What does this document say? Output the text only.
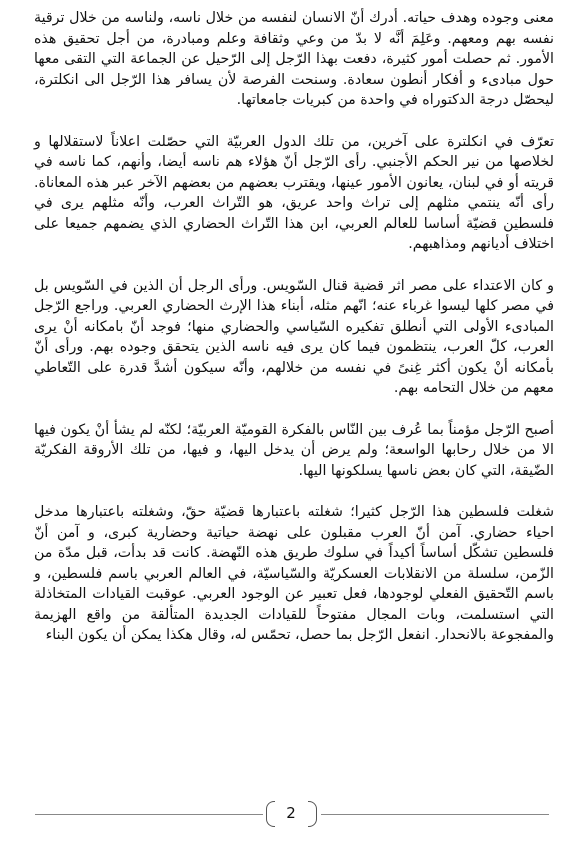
معنى وجوده وهدف حياته. أدرك أنّ الانسان لنفسه من خلال ناسه، ولناسه من خلال ترقية نفسه بهم ومعهم. وعَلِمَ أنَّه لا بدّ من وعي وثقافة وعلم ومبادرة، من أجل تحقيق هذه الأمور. ثم حصلت أمور كثيرة، دفعت بهذا الرّجل إلى الرّحيل عن الجماعة التي التقى معها حول مبادىء و أفكار أنطون سعادة. وسنحت الفرصة لأن يسافر هذا الرّجل الى انكلترة، ليحصّل درجة الدكتوراه في واحدة من كبريات جامعاتها.

تعرّف في انكلترة على آخرين، من تلك الدول العربيّة التي حصّلت اعلاناً لاستقلالها و لخلاصها من نير الحكم الأجنبي. رأى الرّجل أنّ هؤلاء هم ناسه أيضا، وأنهم، كما ناسه في قريته أو في لبنان، يعانون الأمور عينها، ويقترب بعضهم من بعضهم الآخر عبر هذه المعاناة. رأى أنّه ينتمي مثلهم إلى تراث واحد عريق، هو التّراث العرب، وأنّه مثلهم يرى في فلسطين قضيّة أساسا للعالم العربي، ابن هذا التّراث الحضاري الذي يضمهم جميعا على اختلاف أديانهم ومذاهبهم.

و كان الاعتداء على مصر اثر قضية قنال السّويس. ورأى الرجل أن الذين في السّويس بل في مصر كلها ليسوا غرباء عنه؛ انّهم مثله، أبناء هذا الإرث الحضاري العربي. وراجع الرّجل المبادىء الأولى التي أنطلق تفكيره السّياسي والحضاري منها؛ فوجد أنّ بامكانه أنْ يرى العرب، كلّ العرب، ينتظمون فيما كان يرى فيه ناسه الذين يتحقق وجوده بهم. ورأى أنّ بأمكانه أنْ يكون أكثر غِنىً في نفسه من خلالهم، وأنّه سيكون أشدَّ قدرة على التّعاطي معهم من خلال التحامه بهم.

أصبح الرّجل مؤمناً بما عُرف بين النّاس بالفكرة القوميّة العربيّة؛ لكنّه لم يشأ أنْ يكون فيها الا من خلال رحابها الواسعة؛ ولم يرض أن يدخل اليها، و فيها، من تلك الأروقة الفكريّة الضّيقة، التي كان بعض ناسها يسلكونها اليها.

شغلت فلسطين هذا الرّجل كثيرا؛ شغلته باعتبارها قضيّة حقّ، وشغلته باعتبارها مدخل احياء حضاري. آمن أنّ العرب مقبلون على نهضة حياتية وحضارية كبرى، و آمن أنّ فلسطين تشكّل أساساً أكيداً في سلوك طريق هذه النّهضة. كانت قد بدأت، قبل مدّة من الزّمن، سلسلة من الانقلابات العسكريّة والسّياسيّة، في العالم العربي باسم فلسطين، و باسم التّحقيق الفعلي لوجودها، فعل تعبير عن الوجود العربي. عوقبت القيادات المتخاذلة التي استسلمت، وبات المجال مفتوحاً للقيادات الجديدة المتألقة من واقع الهزيمة والمفجوعة بالانحدار. انفعل الرّجل بما حصل، تحمّس له، وقال هكذا يمكن أن يكون البناء

2
